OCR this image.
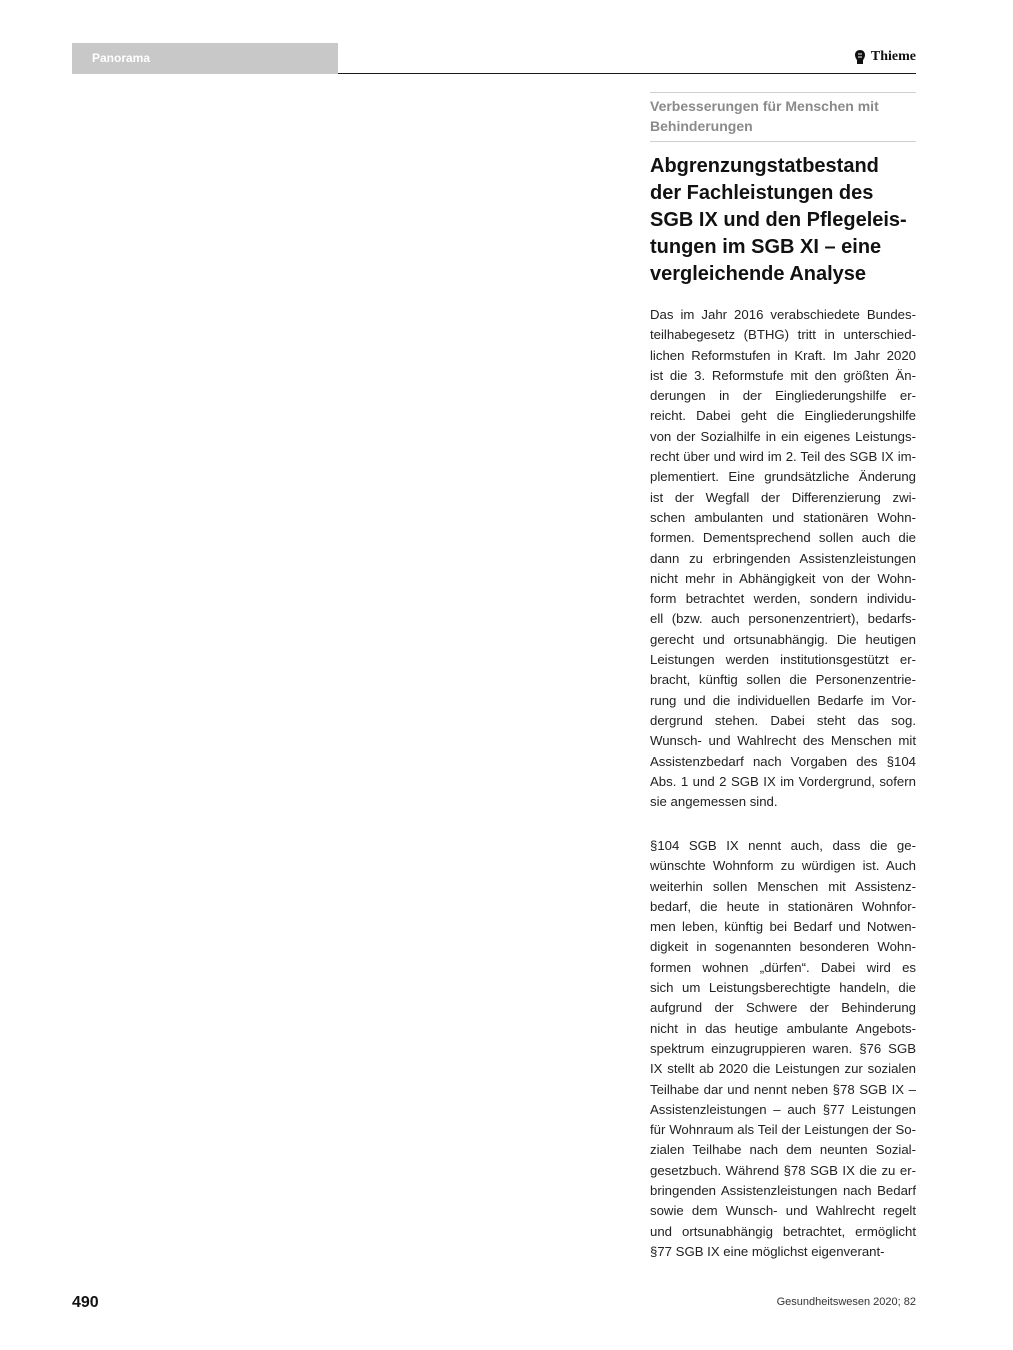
Panorama	Thieme
Verbesserungen für Menschen mit
Behinderungen
Abgrenzungstatbestand
der Fachleistungen des
SGB IX und den Pflegeleis-
tungen im SGB XI – eine
vergleichende Analyse
Das im Jahr 2016 verabschiedete Bundes-
teilhabegesetz (BTHG) tritt in unterschied-
lichen Reformstufen in Kraft. Im Jahr 2020
ist die 3. Reformstufe mit den größten Än-
derungen in der Eingliederungshilfe er-
reicht. Dabei geht die Eingliederungshilfe
von der Sozialhilfe in ein eigenes Leistungs-
recht über und wird im 2. Teil des SGB IX im-
plementiert. Eine grundsätzliche Änderung
ist der Wegfall der Differenzierung zwi-
schen ambulanten und stationären Wohn-
formen. Dementsprechend sollen auch die
dann zu erbringenden Assistenzleistungen
nicht mehr in Abhängigkeit von der Wohn-
form betrachtet werden, sondern individu-
ell (bzw. auch personenzentriert), bedarfs-
gerecht und ortsunabhängig. Die heutigen
Leistungen werden institutionsgestützt er-
bracht, künftig sollen die Personenzentrie-
rung und die individuellen Bedarfe im Vor-
dergrund stehen. Dabei steht das sog.
Wunsch- und Wahlrecht des Menschen mit
Assistenzbedarf nach Vorgaben des §104
Abs. 1 und 2 SGB IX im Vordergrund, sofern
sie angemessen sind.
§104 SGB IX nennt auch, dass die ge-
wünschte Wohnform zu würdigen ist. Auch
weiterhin sollen Menschen mit Assistenz-
bedarf, die heute in stationären Wohnfor-
men leben, künftig bei Bedarf und Notwen-
digkeit in sogenannten besonderen Wohn-
formen wohnen „dürfen“. Dabei wird es
sich um Leistungsberechtigte handeln, die
aufgrund der Schwere der Behinderung
nicht in das heutige ambulante Angebots-
spektrum einzugruppieren waren. §76 SGB
IX stellt ab 2020 die Leistungen zur sozialen
Teilhabe dar und nennt neben §78 SGB IX –
Assistenzleistungen – auch §77 Leistungen
für Wohnraum als Teil der Leistungen der So-
zialen Teilhabe nach dem neunten Sozial-
gesetzbuch. Während §78 SGB IX die zu er-
bringenden Assistenzleistungen nach Bedarf
sowie dem Wunsch- und Wahlrecht regelt
und ortsunabhängig betrachtet, ermöglicht
§77 SGB IX eine möglichst eigenverant-
490	Gesundheitswesen 2020; 82
